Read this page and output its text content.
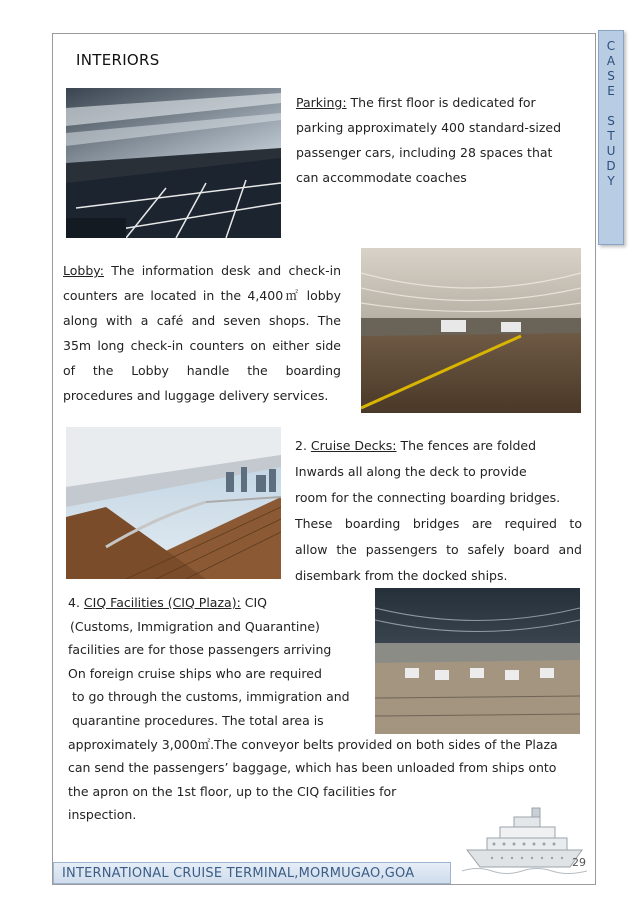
C
A
S
E
S
T
U
D
Y
INTERIORS

Parking: The first floor is dedicated for

parking approximately 400 standard-sized

passenger cars, including 28 spaces that

can accommodate coaches

Lobby: The information desk and check-in

counters are located in the 4,400㎡ lobby

along with a café and seven shops. The

35m long check-in counters on either side

of the Lobby handle the boarding

procedures and luggage delivery services.

2. Cruise Decks: The fences are folded

Inwards all along the deck to provide

room for the connecting boarding bridges.

These boarding bridges are required to

allow the passengers to safely board and

disembark from the docked ships.

4. CIQ Facilities (CIQ Plaza): CIQ

(Customs, Immigration and Quarantine)

facilities are for those passengers arriving

On foreign cruise ships who are required

to go through the customs, immigration and

quarantine procedures. The total area is

approximately 3,000㎡.The conveyor belts provided on both sides of the Plaza

can send the passengers’ baggage, which has been unloaded from ships onto

the apron on the 1st floor, up to the CIQ facilities for

inspection.

29
INTERNATIONAL CRUISE TERMINAL,MORMUGAO,GOA
